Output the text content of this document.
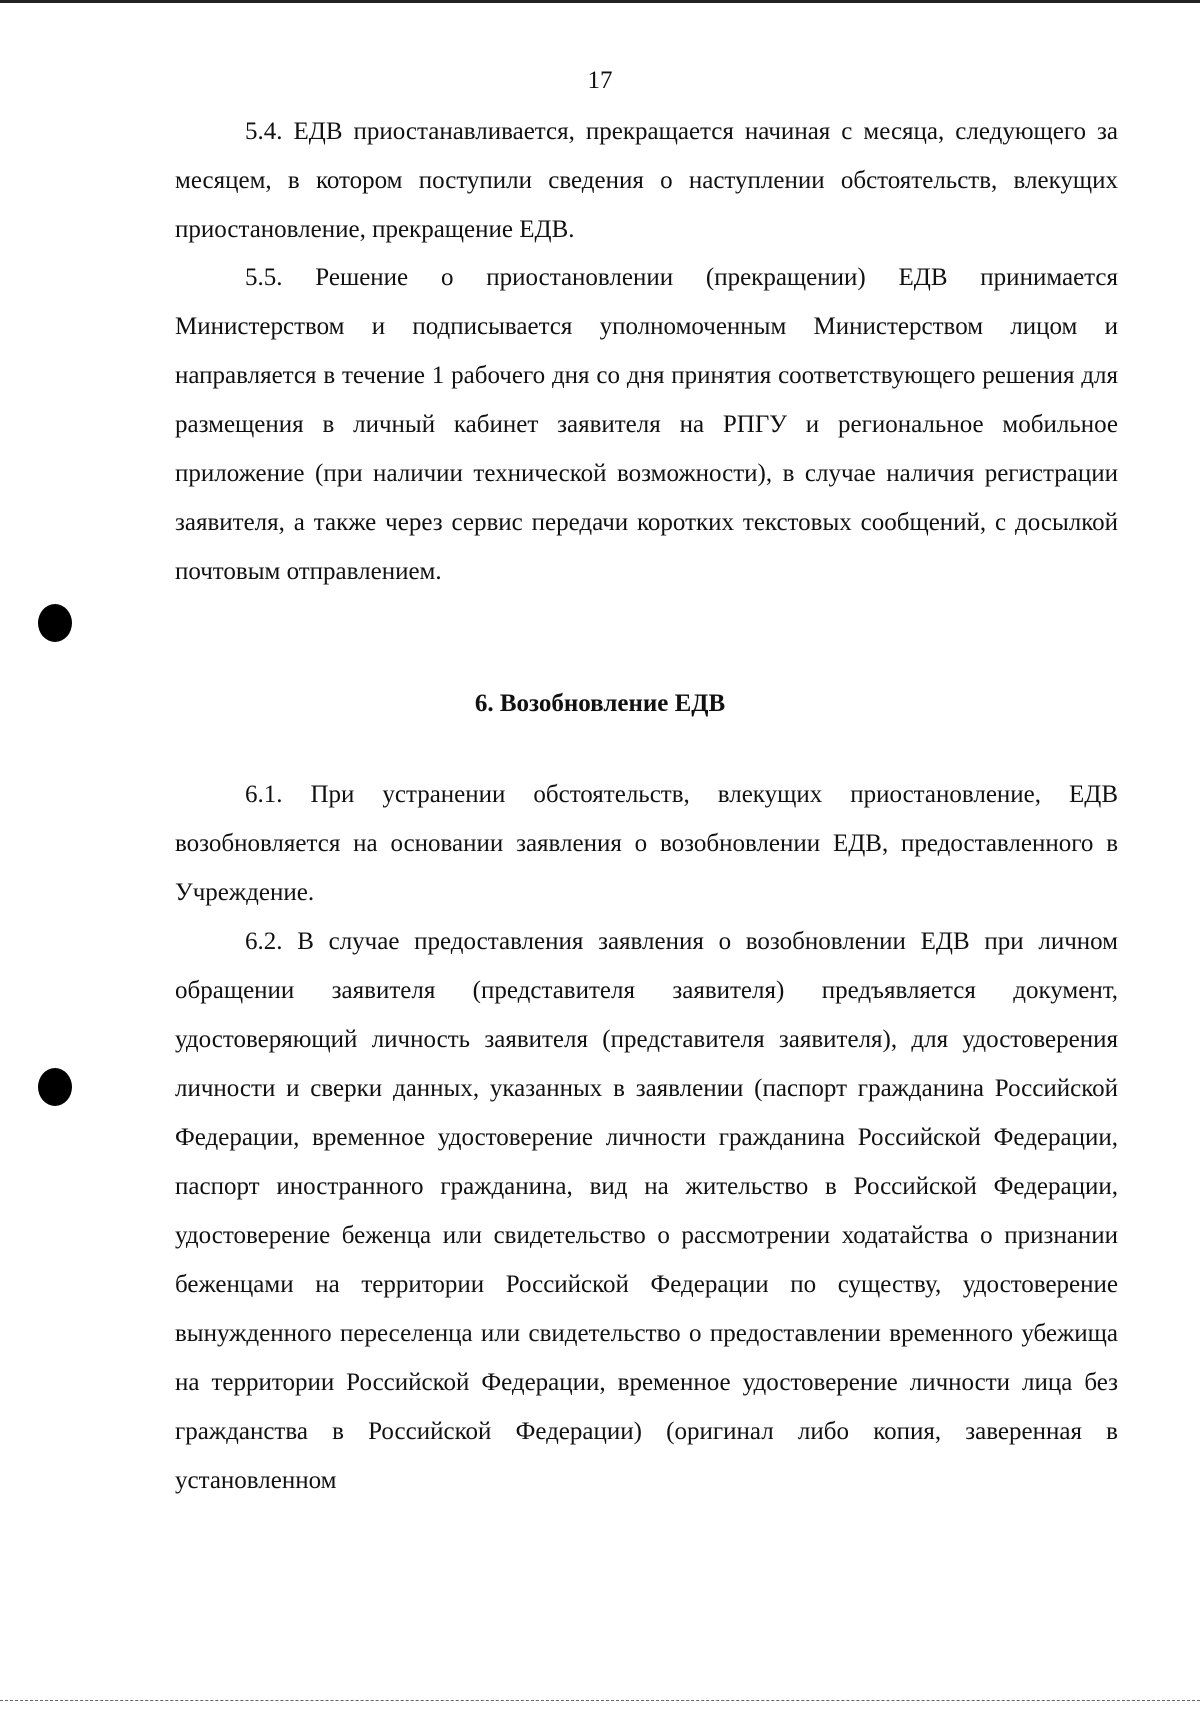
17

5.4. ЕДВ приостанавливается, прекращается начиная с месяца, следующего за месяцем, в котором поступили сведения о наступлении обстоятельств, влекущих приостановление, прекращение ЕДВ.

5.5. Решение о приостановлении (прекращении) ЕДВ принимается Министерством и подписывается уполномоченным Министерством лицом и направляется в течение 1 рабочего дня со дня принятия соответствующего решения для размещения в личный кабинет заявителя на РПГУ и региональное мобильное приложение (при наличии технической возможности), в случае наличия регистрации заявителя, а также через сервис передачи коротких текстовых сообщений, с досылкой почтовым отправлением.

6. Возобновление ЕДВ

6.1. При устранении обстоятельств, влекущих приостановление, ЕДВ возобновляется на основании заявления о возобновлении ЕДВ, предоставленного в Учреждение.

6.2. В случае предоставления заявления о возобновлении ЕДВ при личном обращении заявителя (представителя заявителя) предъявляется документ, удостоверяющий личность заявителя (представителя заявителя), для удостоверения личности и сверки данных, указанных в заявлении (паспорт гражданина Российской Федерации, временное удостоверение личности гражданина Российской Федерации, паспорт иностранного гражданина, вид на жительство в Российской Федерации, удостоверение беженца или свидетельство о рассмотрении ходатайства о признании беженцами на территории Российской Федерации по существу, удостоверение вынужденного переселенца или свидетельство о предоставлении временного убежища на территории Российской Федерации, временное удостоверение личности лица без гражданства в Российской Федерации) (оригинал либо копия, заверенная в установленном
